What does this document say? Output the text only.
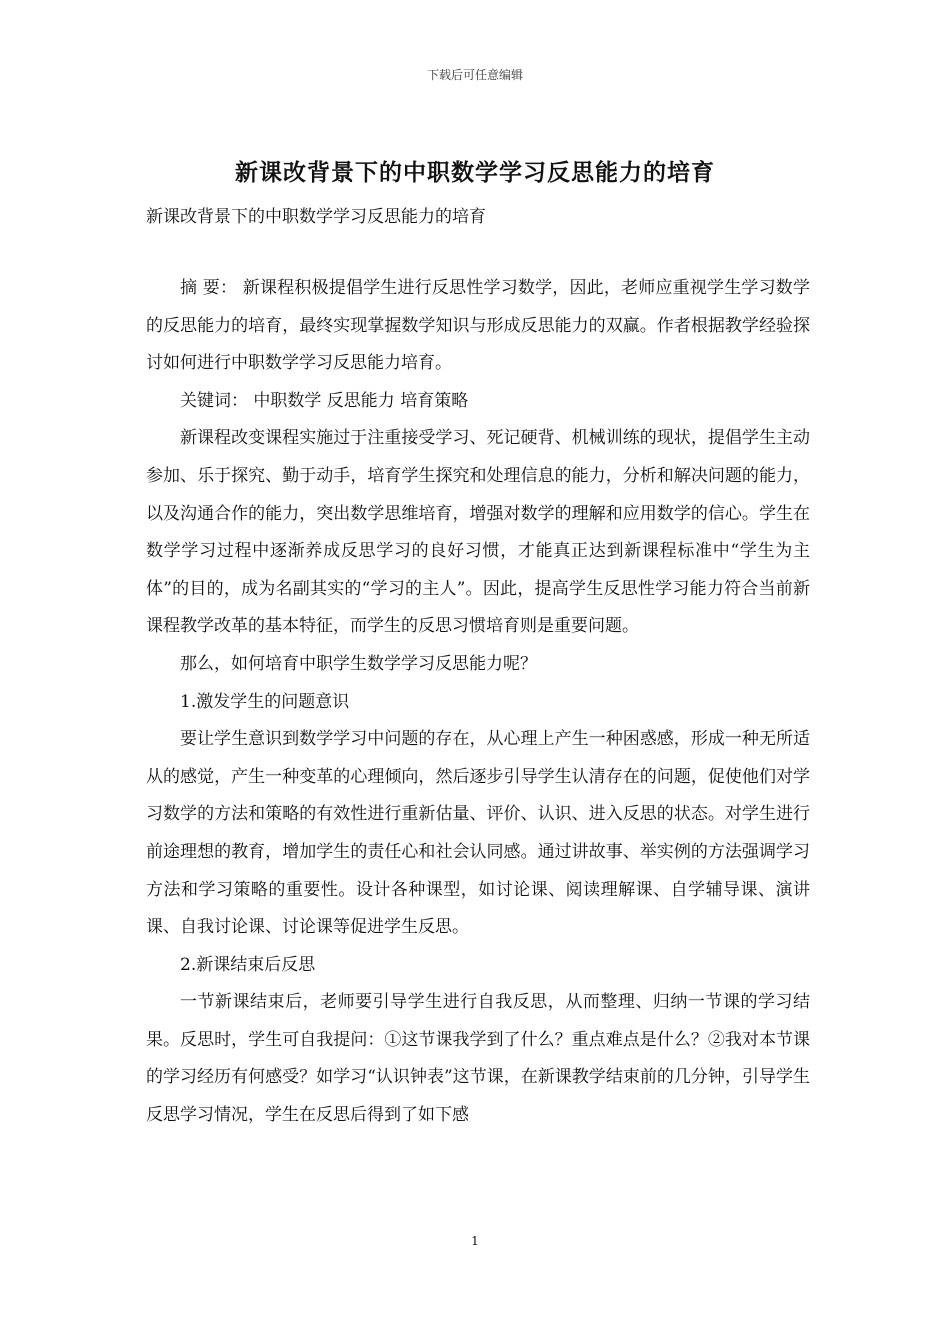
下载后可任意编辑
新课改背景下的中职数学学习反思能力的培育
新课改背景下的中职数学学习反思能力的培育

摘 要： 新课程积极提倡学生进行反思性学习数学，因此，老师应重视学生学习数学的反思能力的培育，最终实现掌握数学知识与形成反思能力的双赢。作者根据教学经验探讨如何进行中职数学学习反思能力培育。

关键词： 中职数学 反思能力 培育策略

新课程改变课程实施过于注重接受学习、死记硬背、机械训练的现状，提倡学生主动参加、乐于探究、勤于动手，培育学生探究和处理信息的能力，分析和解决问题的能力，以及沟通合作的能力，突出数学思维培育，增强对数学的理解和应用数学的信心。学生在数学学习过程中逐渐养成反思学习的良好习惯，才能真正达到新课程标准中“学生为主体”的目的，成为名副其实的“学习的主人”。因此，提高学生反思性学习能力符合当前新课程教学改革的基本特征，而学生的反思习惯培育则是重要问题。

那么，如何培育中职学生数学学习反思能力呢？

1.激发学生的问题意识

要让学生意识到数学学习中问题的存在，从心理上产生一种困惑感，形成一种无所适从的感觉，产生一种变革的心理倾向，然后逐步引导学生认清存在的问题，促使他们对学习数学的方法和策略的有效性进行重新估量、评价、认识、进入反思的状态。对学生进行前途理想的教育，增加学生的责任心和社会认同感。通过讲故事、举实例的方法强调学习方法和学习策略的重要性。设计各种课型，如讨论课、阅读理解课、自学辅导课、演讲课、自我讨论课、讨论课等促进学生反思。

2.新课结束后反思

一节新课结束后，老师要引导学生进行自我反思，从而整理、归纳一节课的学习结果。反思时，学生可自我提问：①这节课我学到了什么？重点难点是什么？②我对本节课的学习经历有何感受？如学习“认识钟表”这节课，在新课教学结束前的几分钟，引导学生反思学习情况，学生在反思后得到了如下感

1
